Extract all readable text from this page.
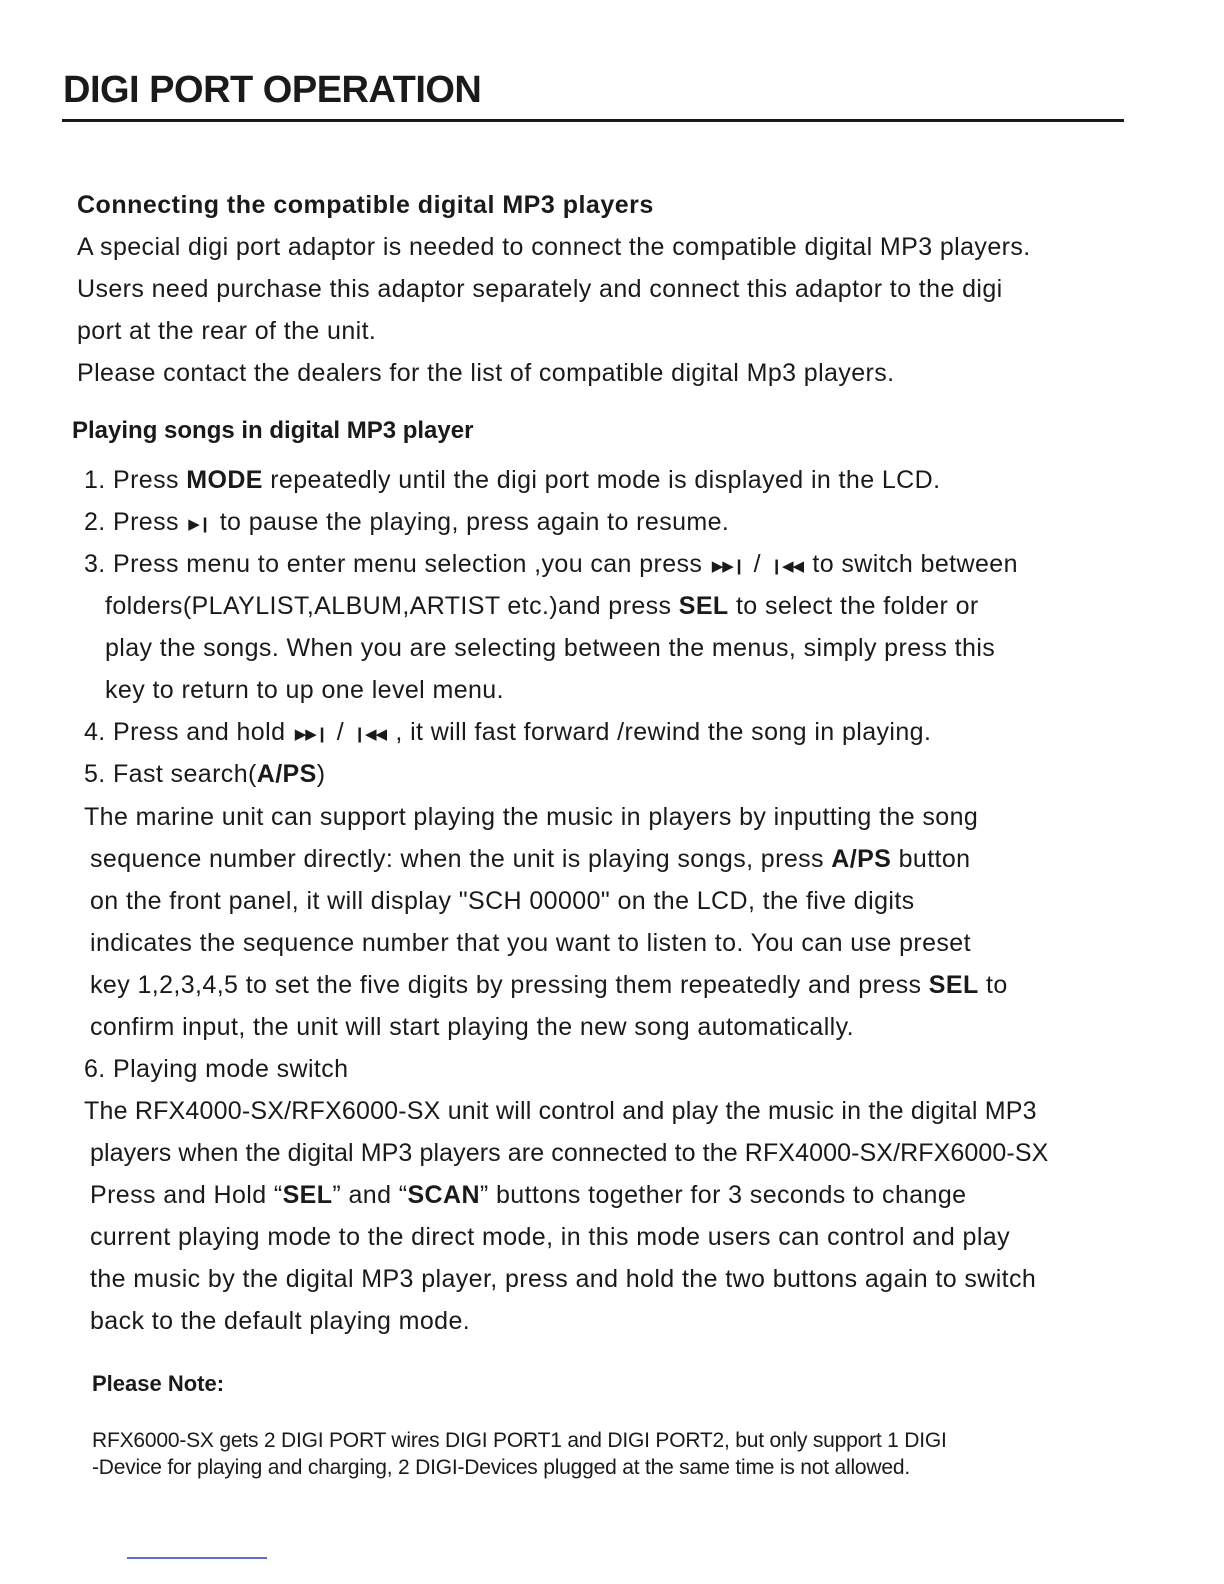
DIGI PORT OPERATION
Connecting the compatible digital MP3 players
A special digi port adaptor is needed to connect the compatible digital MP3 players.
Users need purchase this adaptor separately and connect this adaptor to the digi
port at the rear of the unit.
Please contact the dealers for the list of compatible digital Mp3 players.
Playing songs in digital MP3 player
1. Press MODE repeatedly until the digi port mode is displayed in the LCD.
2. Press ▶❙ to pause the playing, press again to resume.
3. Press menu to enter menu selection ,you can press ▶▶❙ / ❙◀◀ to switch between
folders(PLAYLIST,ALBUM,ARTIST etc.)and press SEL to select the folder or
play the songs. When you are selecting between the menus, simply press this
key to return to up one level menu.
4. Press and hold ▶▶❙ / ❙◀◀ , it will fast forward /rewind the song in playing.
5. Fast search(A/PS)
The marine unit can support playing the music in players by inputting the song
sequence number directly: when the unit is playing songs, press A/PS button
on the front panel, it will display "SCH 00000" on the LCD, the five digits
indicates the sequence number that you want to listen to. You can use preset
key 1,2,3,4,5 to set the five digits by pressing them repeatedly and press SEL to
confirm input, the unit will start playing the new song automatically.
6. Playing mode switch
The RFX4000-SX/RFX6000-SX unit will control and play the music in the digital MP3
players when the digital MP3 players are connected to the RFX4000-SX/RFX6000-SX
Press and Hold “SEL” and “SCAN” buttons together for 3 seconds to change
current playing mode to the direct mode, in this mode users can control and play
the music by the digital MP3 player, press and hold the two buttons again to switch
back to the default playing mode.
Please Note:
RFX6000-SX gets 2 DIGI PORT wires DIGI PORT1 and DIGI PORT2, but only support 1 DIGI
-Device for playing and charging, 2 DIGI-Devices plugged at the same time is not allowed.
